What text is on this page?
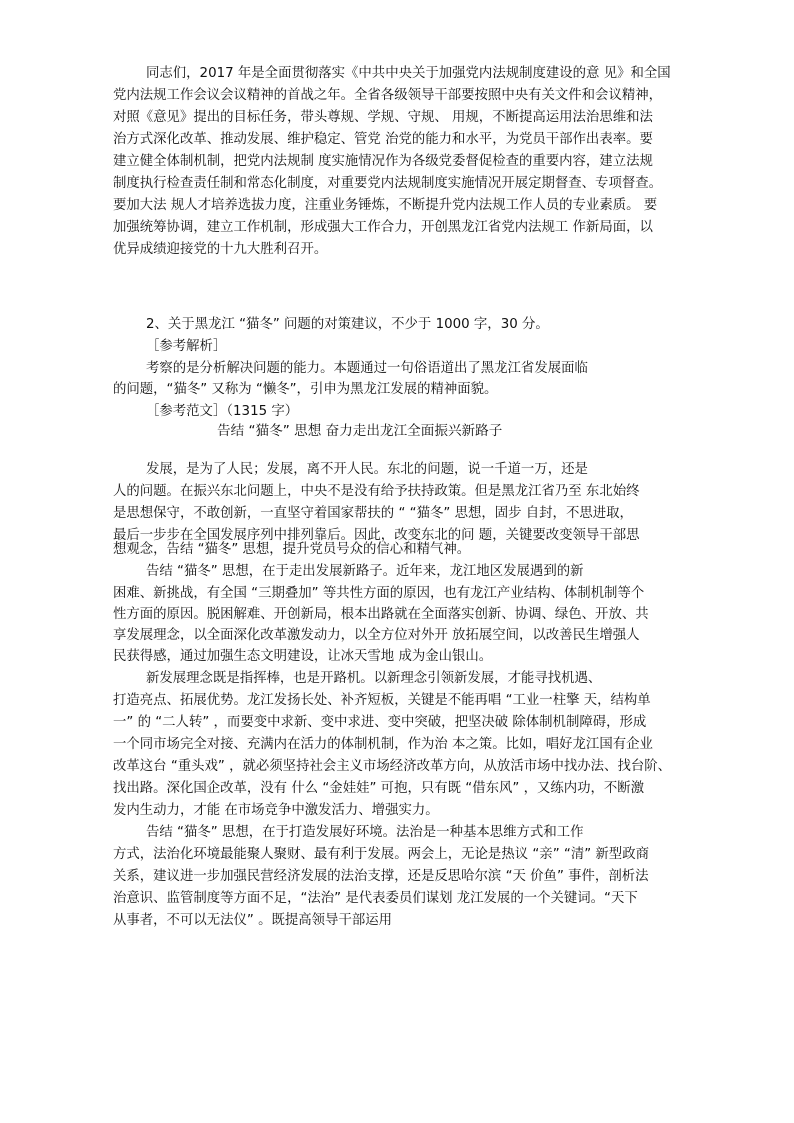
同志们，2017 年是全面贯彻落实《中共中央关于加强党内法规制度建设的意 见》和全国
党内法规工作会议会议精神的首战之年。全省各级领导干部要按照中央有关文件和会议精神，
对照《意见》提出的目标任务，带头尊规、学规、守规、 用规，不断提高运用法治思维和法
治方式深化改革、推动发展、维护稳定、管党 治党的能力和水平，为党员干部作出表率。要
建立健全体制机制，把党内法规制 度实施情况作为各级党委督促检查的重要内容，建立法规
制度执行检查责任制和常态化制度，对重要党内法规制度实施情况开展定期督查、专项督查。
要加大法 规人才培养选拔力度，注重业务锤炼，不断提升党内法规工作人员的专业素质。 要
加强统筹协调，建立工作机制，形成强大工作合力，开创黑龙江省党内法规工 作新局面，以
优异成绩迎接党的十九大胜利召开。
2、关于黑龙江 “猫冬” 问题的对策建议，不少于 1000 字，30 分。
［参考解析］
考察的是分析解决问题的能力。本题通过一句俗语道出了黑龙江省发展面临
的问题，“猫冬” 又称为 “懒冬”，引申为黑龙江发展的精神面貌。
［参考范文］（1315 字）
告结 “猫冬” 思想 奋力走出龙江全面振兴新路子
发展，是为了人民；发展，离不开人民。东北的问题，说一千道一万，还是
人的问题。在振兴东北问题上，中央不是没有给予扶持政策。但是黑龙江省乃至 东北始终
是思想保守，不敢创新，一直坚守着国家帮扶的 “ “猫冬” 思想，固步 自封，不思进取，
最后一步步在全国发展序列中排列靠后。因此，改变东北的问 题，关键要改变领导干部思
想观念，告结 “猫冬” 思想，提升党员号众的信心和精气神。
告结 “猫冬” 思想，在于走出发展新路子。近年来，龙江地区发展遇到的新
困难、新挑战，有全国 “三期叠加” 等共性方面的原因，也有龙江产业结构、体制机制等个
性方面的原因。脱困解难、开创新局，根本出路就在全面落实创新、协调、绿色、开放、共
享发展理念，以全面深化改革激发动力，以全方位对外开 放拓展空间，以改善民生增强人
民获得感，通过加强生态文明建设，让冰天雪地 成为金山银山。
新发展理念既是指挥棒，也是开路机。以新理念引领新发展，才能寻找机遇、
打造亮点、拓展优势。龙江发扬长处、补齐短板，关键是不能再唱 “工业一柱擎 天，结构单
一” 的 “二人转” ，而要变中求新、变中求进、变中突破，把坚决破 除体制机制障碍，形成
一个同市场完全对接、充满内在活力的体制机制，作为治 本之策。比如，唱好龙江国有企业
改革这台 “重头戏” ，就必须坚持社会主义市场经济改革方向，从放活市场中找办法、找台阶、
找出路。深化国企改革，没有 什么 “金娃娃” 可抱，只有既 “借东风” ，又练内功，不断激
发内生动力，才能 在市场竞争中激发活力、增强实力。
告结 “猫冬” 思想，在于打造发展好环境。法治是一种基本思维方式和工作
方式，法治化环境最能聚人聚财、最有利于发展。两会上，无论是热议 “亲” “清” 新型政商
关系，建议进一步加强民营经济发展的法治支撑，还是反思哈尔滨 “天 价鱼” 事件，剖析法
治意识、监管制度等方面不足，“法治” 是代表委员们谋划 龙江发展的一个关键词。“天下
从事者，不可以无法仪” 。既提高领导干部运用
